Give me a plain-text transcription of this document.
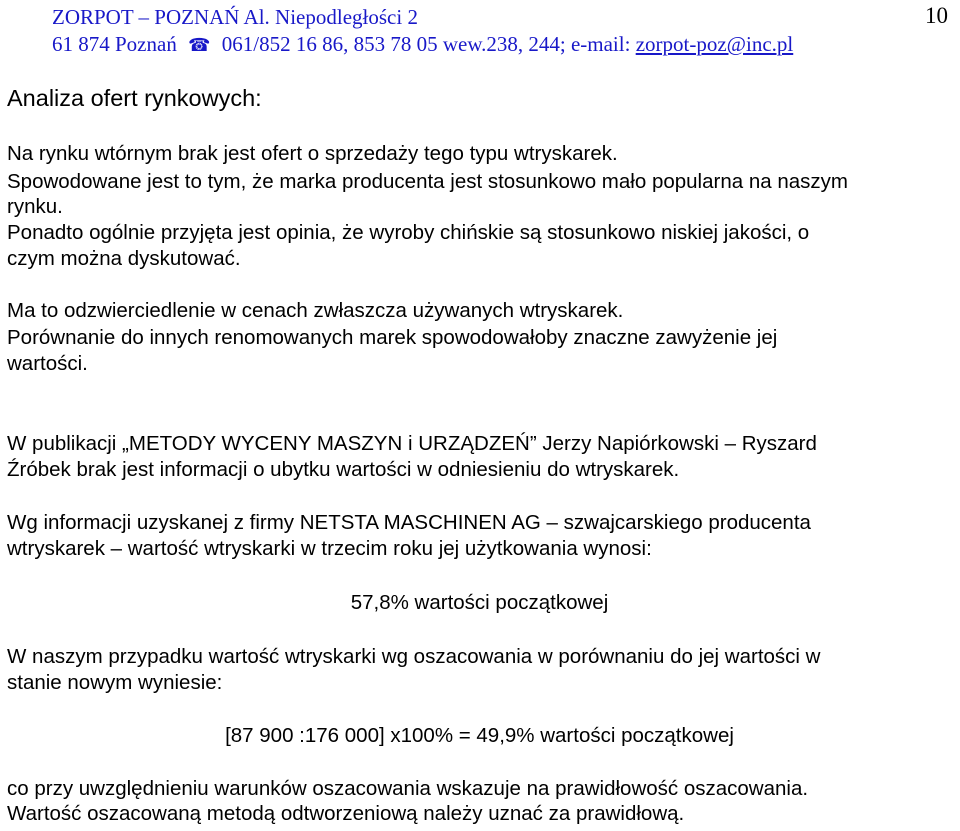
ZORPOT – POZNAŃ Al. Niepodległości 2
61 874 Poznań ☎ 061/852 16 86, 853 78 05 wew.238, 244; e-mail: zorpot-poz@inc.pl
10
Analiza ofert rynkowych:
Na rynku wtórnym brak jest ofert o sprzedaży tego typu wtryskarek.
Spowodowane jest to tym, że marka producenta jest stosunkowo mało popularna na naszym
rynku.
Ponadto ogólnie przyjęta jest opinia, że wyroby chińskie są stosunkowo niskiej jakości, o
czym można dyskutować.
Ma to odzwierciedlenie w cenach zwłaszcza używanych wtryskarek.
Porównanie do innych renomowanych marek spowodowałoby znaczne zawyżenie jej
wartości.
W publikacji „METODY WYCENY MASZYN i URZĄDZEŃ” Jerzy Napiórkowski – Ryszard
Źróbek brak jest informacji o ubytku wartości w odniesieniu do wtryskarek.
Wg informacji uzyskanej z firmy NETSTA MASCHINEN AG – szwajcarskiego producenta
wtryskarek – wartość wtryskarki w trzecim roku jej użytkowania wynosi:
57,8% wartości początkowej
W naszym przypadku wartość wtryskarki wg oszacowania w porównaniu do jej wartości w
stanie nowym wyniesie:
[87 900 :176 000] x100% = 49,9% wartości początkowej
co przy uwzględnieniu warunków oszacowania wskazuje na prawidłowość oszacowania.
Wartość oszacowaną metodą odtworzeniową należy uznać za prawidłową.
